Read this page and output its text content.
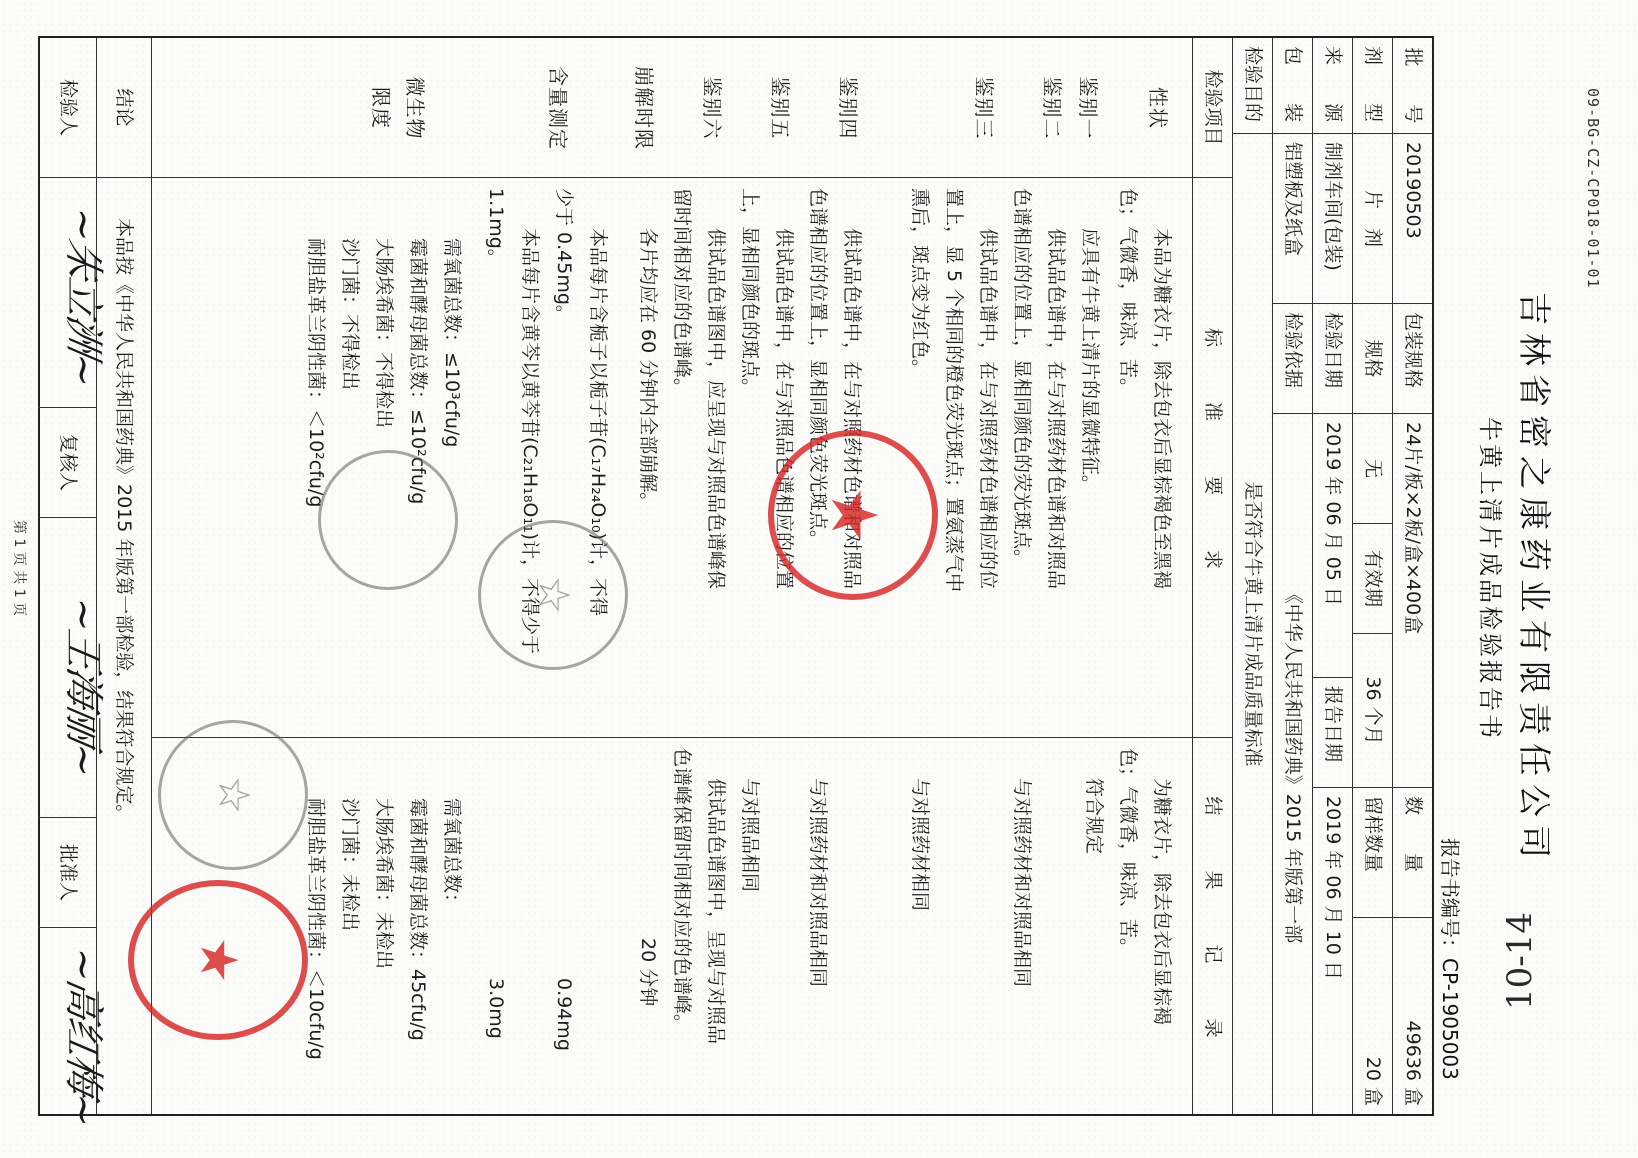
10-14
09-BG-CZ-CP018-01-01
吉林省密之康药业有限责任公司
牛黄上清片成品检验报告书
报告书编号：CP-1905003
批　　号
20190503
包装规格
24片/板×2板/盒×400盒
数　　量
49636 盒
剂　　型
片　剂
规格
无
有效期
36 个月
留样数量
20 盒
来　　源
制剂车间(包装)
检验日期
2019 年 06 月 05 日
报告日期
2019 年 06 月 10 日
包　　装
铝塑板及纸盒
检验依据
《中华人民共和国药典》2015 年版第一部
检验目的
是否符合牛黄上清片成品质量标准
检验项目
标　准　要　求
结　果　记　录
性状
本品为糖衣片，除去包衣后显棕褐色至黑褐
色；气微香，味凉、苦。
为糖衣片，除去包衣后显棕褐
色；气微香，味凉、苦。
符合规定
鉴别一
应具有牛黄上清片的显微特征。
鉴别二
供试品色谱中，在与对照药材色谱和对照品
色谱相应的位置上，显相同颜色的荧光斑点。
与对照药材和对照品相同
鉴别三
供试品色谱中，在与对照药材色谱相应的位
置上，显 5 个相同的橙色荧光斑点；置氨蒸气中
熏后，斑点变为红色。
与对照药材相同
鉴别四
供试品色谱中，在与对照药材色谱和对照品
色谱相应的位置上，显相同颜色荧光斑点。
与对照药材和对照品相同
鉴别五
供试品色谱中，在与对照品色谱相应的位置
上，显相同颜色的斑点。
与对照品相同
鉴别六
供试品色谱图中，应呈现与对照品色谱峰保
留时间相对应的色谱峰。
供试品色谱图中，呈现与对照品
色谱峰保留时间相对应的色谱峰。
崩解时限
各片均应在 60 分钟内全部崩解。
20 分钟
含量测定
本品每片含栀子以栀子苷(C₁₇H₂₄O₁₀)计，不得
少于 0.45mg。
本品每片含黄芩以黄芩苷(C₂₁H₁₈O₁₁)计，不得少于
1.1mg。
0.94mg
3.0mg
微生物
限度
需氧菌总数：≤10³cfu/g
霉菌和酵母菌总数：≤10²cfu/g
大肠埃希菌：不得检出
沙门菌：不得检出
耐胆盐革兰阴性菌：＜10²cfu/g
需氧菌总数：
霉菌和酵母菌总数：45cfu/g
大肠埃希菌：未检出
沙门菌：未检出
耐胆盐革兰阴性菌：＜10cfu/g
结论
本品按《中华人民共和国药典》2015 年版第一部检验，结果符合规定。
检验人
~朱立洲~
复核人
~王海丽~
批准人
~高红梅~
第 1 页 共 1 页
★
☆
☆
★
